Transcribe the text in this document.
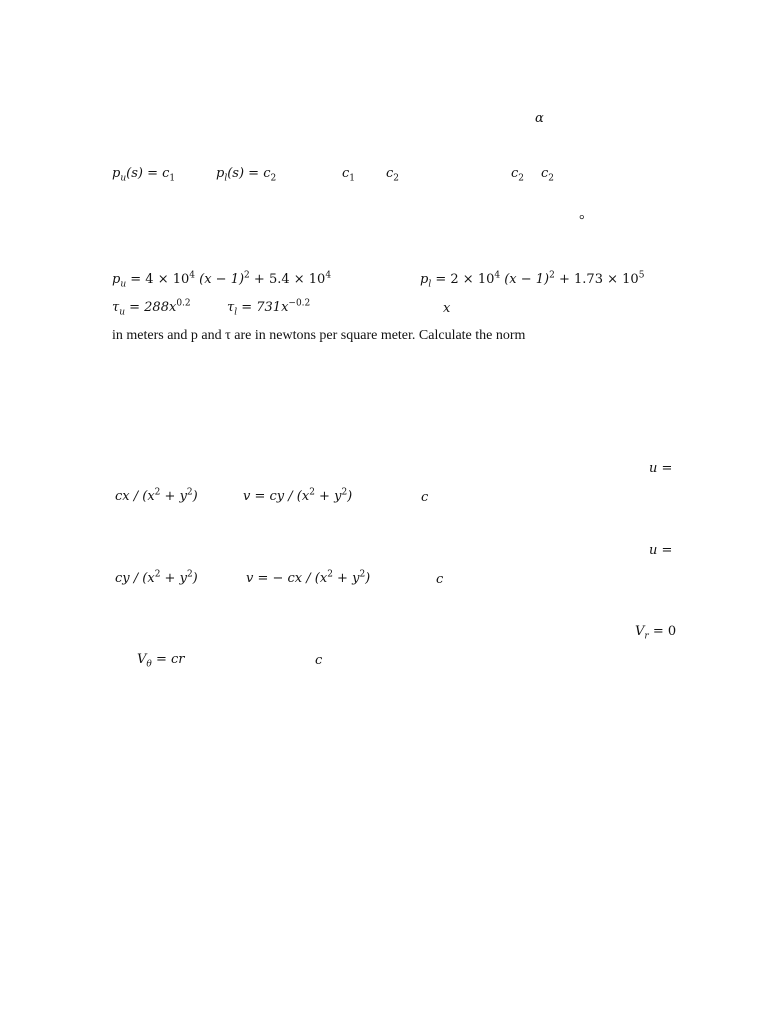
α
$p_u(s) = c_1$	$p_l(s) = c_2$	$c_1$ $c_2$	$c_2$ $c_2$
°
$p_u = 4 \times 10^4$ $(x - 1)^2 + 5.4 \times 10^4$	$p_l = 2 \times 10^4$ $(x - 1)^2 + 1.73 \times 10^5$
$\tau_u = 288x^{0.2}$	$\tau_l = 731x^{-0.2}$	x
in meters and p and τ are in newtons per square meter. Calculate the norm
u =
cx / $(x^2 + y^2)$	v = cy / $(x^2 + y^2)$	c
u =
cy / $(x^2 + y^2)$	v = − cx / $(x^2 + y^2)$	c
$V_r = 0$
$V_\theta$ = cr	c
